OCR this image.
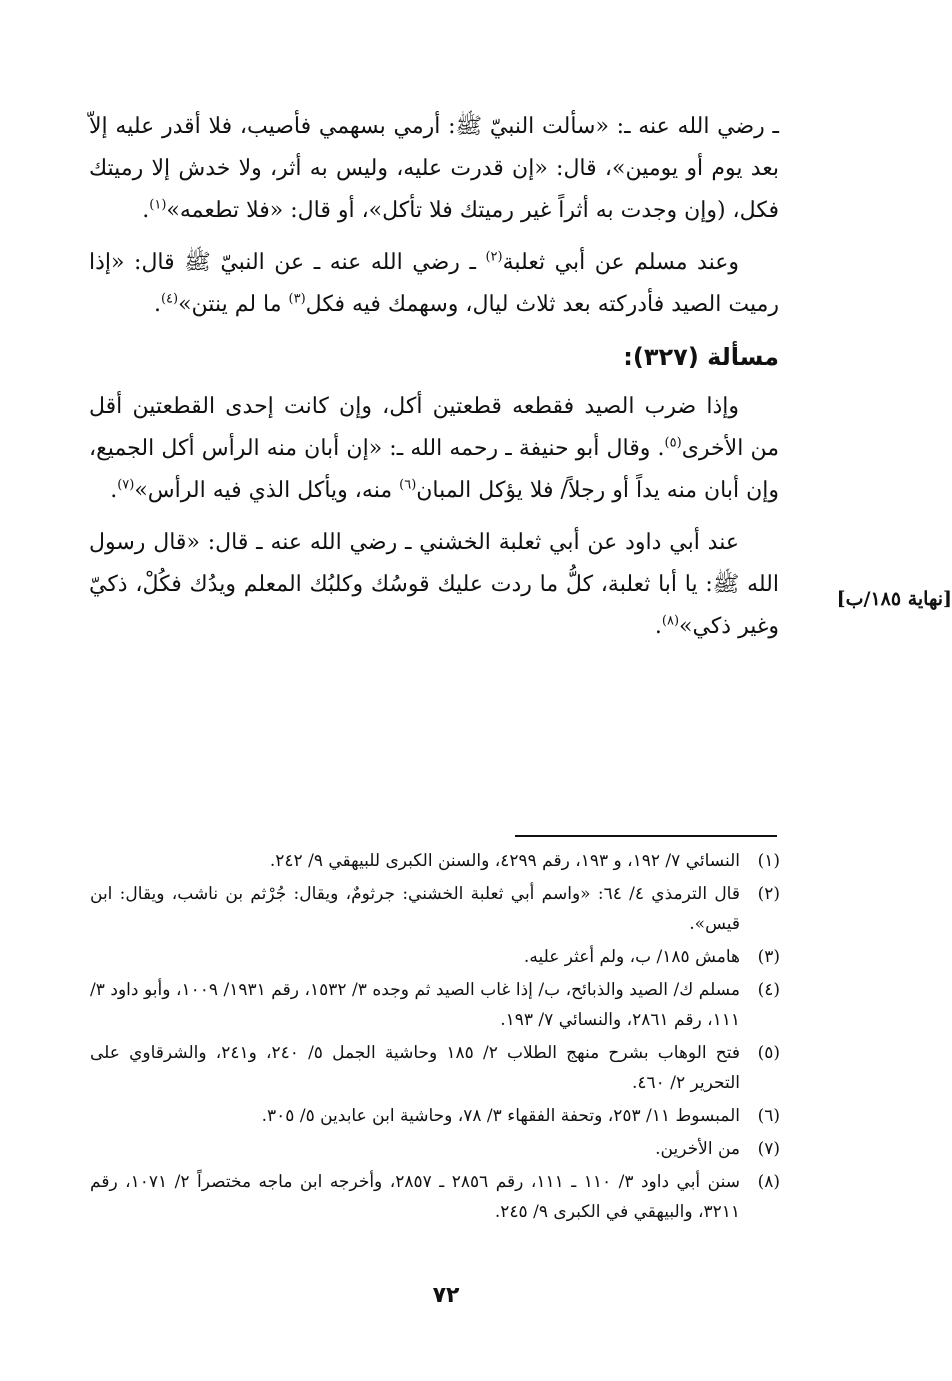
ـ رضي الله عنه ـ: «سألت النبيّ ﷺ: أرمي بسهمي فأصيب، فلا أقدر عليه إلاّ بعد يوم أو يومين»، قال: «إن قدرت عليه، وليس به أثر، ولا خدش إلا رميتك فكل، (وإن وجدت به أثراً غير رميتك فلا تأكل»، أو قال: «فلا تطعمه»$^{(١)}$.

وعند مسلم عن أبي ثعلبة$^{(٢)}$ ـ رضي الله عنه ـ عن النبيّ ﷺ قال: «إذا رميت الصيد فأدركته بعد ثلاث ليال، وسهمك فيه فكل$^{(٣)}$ ما لم ينتن»$^{(٤)}$.

مسألة (٣٢٧):

وإذا ضرب الصيد فقطعه قطعتين أكل، وإن كانت إحدى القطعتين أقل من الأخرى$^{(٥)}$. وقال أبو حنيفة ـ رحمه الله ـ: «إن أبان منه الرأس أكل الجميع، وإن أبان منه يداً أو رجلاً/ فلا يؤكل المبان$^{(٦)}$ منه، ويأكل الذي فيه الرأس»$^{(٧)}$.

عند أبي داود عن أبي ثعلبة الخشني ـ رضي الله عنه ـ قال: «قال رسول الله ﷺ: يا أبا ثعلبة، كلُّ ما ردت عليك قوسُك وكلبُك المعلم ويدُك فكُلْ، ذكيّ وغير ذكي»$^{(٨)}$.

[نهاية ١٨٥/ب]
(١)
النسائي ٧/ ١٩٢، و ١٩٣، رقم ٤٢٩٩، والسنن الكبرى للبيهقي ٩/ ٢٤٢.
(٢)
قال الترمذي ٤/ ٦٤: «واسم أبي ثعلبة الخشني: جرثومٌ، ويقال: جُرْثم بن ناشب، ويقال: ابن قيس».
(٣)
هامش ١٨٥/ ب، ولم أعثر عليه.
(٤)
مسلم ك/ الصيد والذبائح، ب/ إذا غاب الصيد ثم وجده ٣/ ١٥٣٢، رقم ١٩٣١/ ١٠٠٩، وأبو داود ٣/ ١١١، رقم ٢٨٦١، والنسائي ٧/ ١٩٣.
(٥)
فتح الوهاب بشرح منهج الطلاب ٢/ ١٨٥ وحاشية الجمل ٥/ ٢٤٠، و٢٤١، والشرقاوي على التحرير ٢/ ٤٦٠.
(٦)
المبسوط ١١/ ٢٥٣، وتحفة الفقهاء ٣/ ٧٨، وحاشية ابن عابدين ٥/ ٣٠٥.
(٧)
من الأخرين.
(٨)
سنن أبي داود ٣/ ١١٠ ـ ١١١، رقم ٢٨٥٦ ـ ٢٨٥٧، وأخرجه ابن ماجه مختصراً ٢/ ١٠٧١، رقم ٣٢١١، والبيهقي في الكبرى ٩/ ٢٤٥.
٧٢
